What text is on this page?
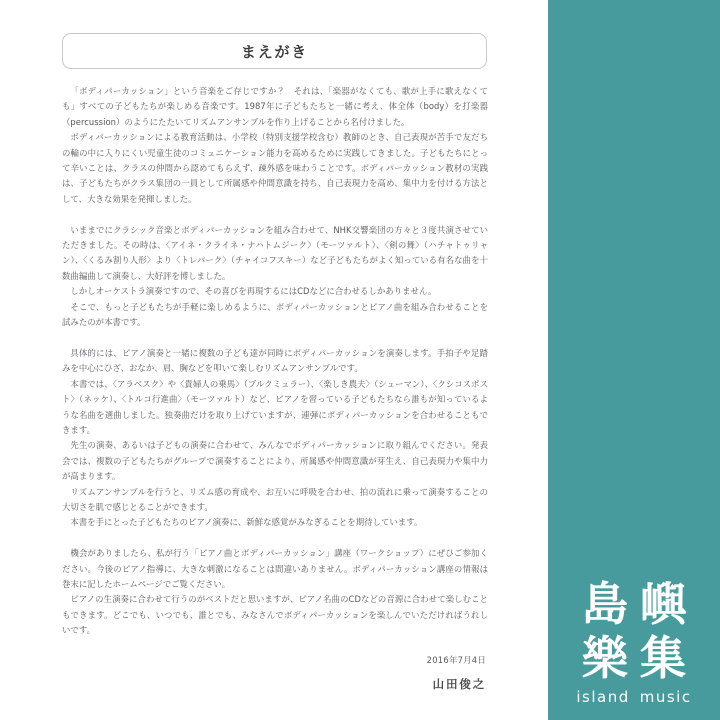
まえがき

「ボディパーカッション」という音楽をご存じですか？　それは、「楽器がなくても、歌が上手に歌えなくても」すべての子どもたちが楽しめる音楽です。1987年に子どもたちと一緒に考え、体全体（body）を打楽器（percussion）のようにたたいてリズムアンサンブルを作り上げることから名付けました。

ボディパーカッションによる教育活動は、小学校（特別支援学校含む）教師のとき、自己表現が苦手で友だちの輪の中に入りにくい児童生徒のコミュニケーション能力を高めるために実践してきました。子どもたちにとって辛いことは、クラスの仲間から認めてもらえず、疎外感を味わうことです。ボディパーカッション教材の実践は、子どもたちがクラス集団の一員として所属感や仲間意識を持ち、自己表現力を高め、集中力を付ける方法として、大きな効果を発揮しました。

いままでにクラシック音楽とボディパーカッションを組み合わせて、NHK交響楽団の方々と３度共演させていただきました。その時は、〈アイネ・クライネ・ナハトムジーク〉（モーツァルト）、〈剣の舞〉（ハチャトゥリャン）、〈くるみ割り人形〉より〈トレパーク〉（チャイコフスキー）など子どもたちがよく知っている有名な曲を十数曲編曲して演奏し、大好評を博しました。

しかしオーケストラ演奏ですので、その喜びを再現するにはCDなどに合わせるしかありません。

そこで、もっと子どもたちが手軽に楽しめるように、ボディパーカッションとピアノ曲を組み合わせることを試みたのが本書です。

具体的には、ピアノ演奏と一緒に複数の子ども達が同時にボディパーカッションを演奏します。手拍子や足踏みを中心にひざ、おなか、肩、胸などを叩いて楽しむリズムアンサンブルです。

本書では、〈アラベスク〉や〈貴婦人の乗馬〉（ブルクミュラー）、〈楽しき農夫〉（シューマン）、〈クシコスポスト〉（ネッケ）、〈トルコ行進曲〉（モーツァルト）など、ピアノを習っている子どもたちなら誰もが知っているような名曲を選曲しました。独奏曲だけを取り上げていますが、連弾にボディパーカッションを合わせることもできます。

先生の演奏、あるいは子どもの演奏に合わせて、みんなでボディパーカッションに取り組んでください。発表会では、複数の子どもたちがグループで演奏することにより、所属感や仲間意識が芽生え、自己表現力や集中力が高まります。

リズムアンサンブルを行うと、リズム感の育成や、お互いに呼吸を合わせ、拍の流れに乗って演奏することの大切さを肌で感じとることができます。

本書を手にとった子どもたちのピアノ演奏に、新鮮な感覚がみなぎることを期待しています。

機会がありましたら、私が行う「ピアノ曲とボディパーカッション」講座（ワークショップ）にぜひご参加ください。今後のピアノ指導に、大きな刺激になることは間違いありません。ボディパーカッション講座の情報は巻末に記したホームページでご覧ください。

ピアノの生演奏に合わせて行うのがベストだと思いますが、ピアノ名曲のCDなどの音源に合わせて楽しむこともできます。どこでも、いつでも、誰とでも、みなさんでボディパーカッションを楽しんでいただければうれしいです。

2016年7月4日
山田俊之
島 嶼
樂 集
island music
